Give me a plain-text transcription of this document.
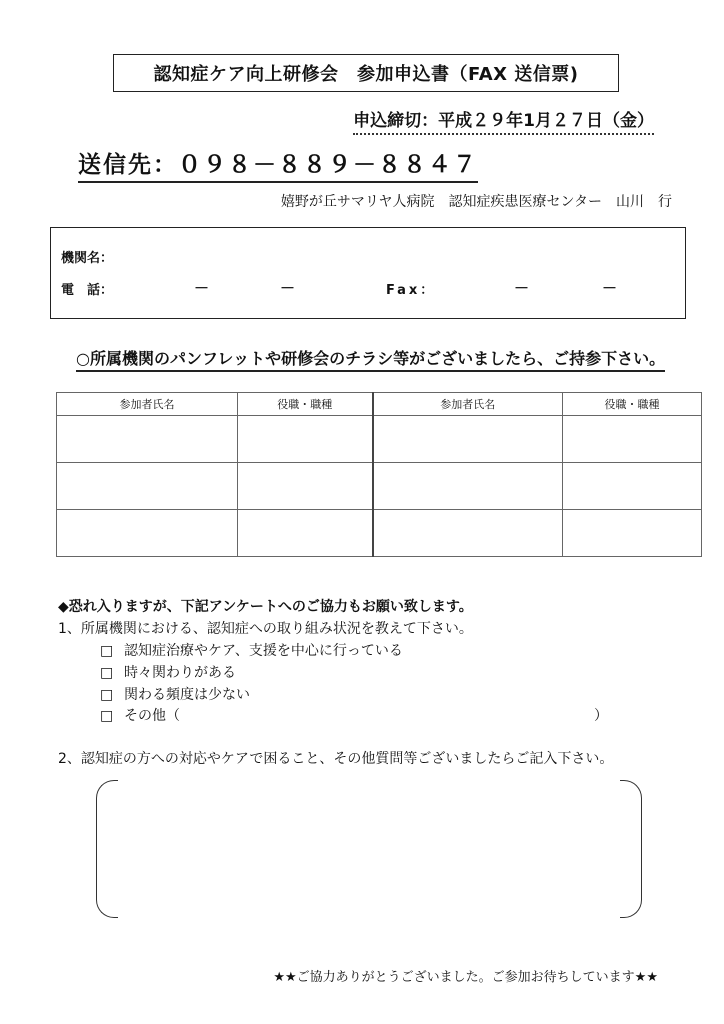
認知症ケア向上研修会　参加申込書（FAX 送信票)
申込締切：平成２９年1月２７日（金）
送信先：０９８－８８９－８８４７
嬉野が丘サマリヤ人病院　認知症疾患医療センター　山川　行
機関名：
電　話：	－	－	Fax：	－	－
○所属機関のパンフレットや研修会のチラシ等がございましたら、ご持参下さい。
参加者氏名	役職・職種	参加者氏名	役職・職種

◆恐れ入りますが、下記アンケートへのご協力もお願い致します。
1、所属機関における、認知症への取り組み状況を教えて下さい。
□ 認知症治療やケア、支援を中心に行っている
□ 時々関わりがある
□ 関わる頻度は少ない
□ その他（	）
2、認知症の方への対応やケアで困ること、その他質問等ございましたらご記入下さい。
★★ご協力ありがとうございました。ご参加お待ちしています★★
